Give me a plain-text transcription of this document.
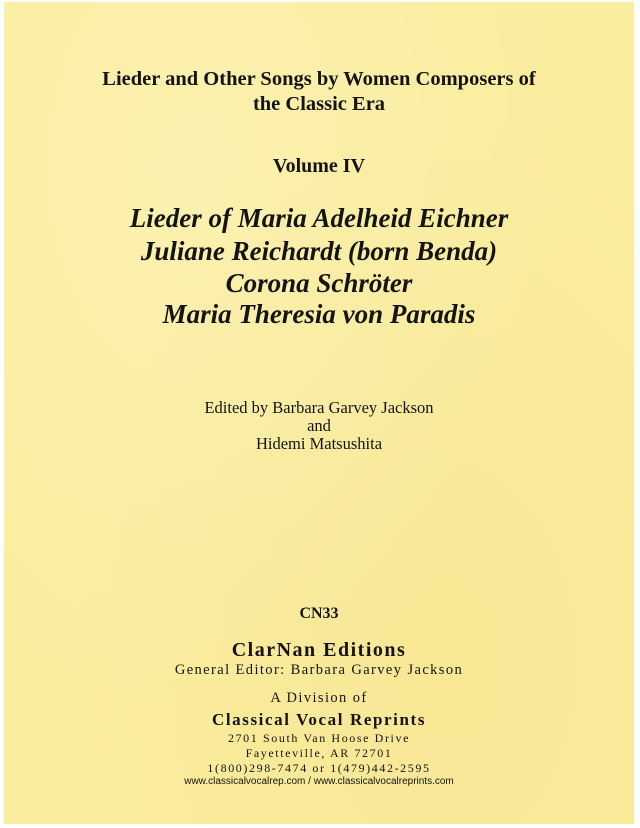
Lieder and Other Songs by Women Composers of
the Classic Era
Volume IV
Lieder of Maria Adelheid Eichner
Juliane Reichardt (born Benda)
Corona Schröter
Maria Theresia von Paradis
Edited by Barbara Garvey Jackson
and
Hidemi Matsushita
CN33
ClarNan Editions
General Editor: Barbara Garvey Jackson
A Division of
Classical Vocal Reprints
2701 South Van Hoose Drive
Fayetteville, AR 72701
1(800)298-7474 or 1(479)442-2595
www.classicalvocalrep.com / www.classicalvocalreprints.com
